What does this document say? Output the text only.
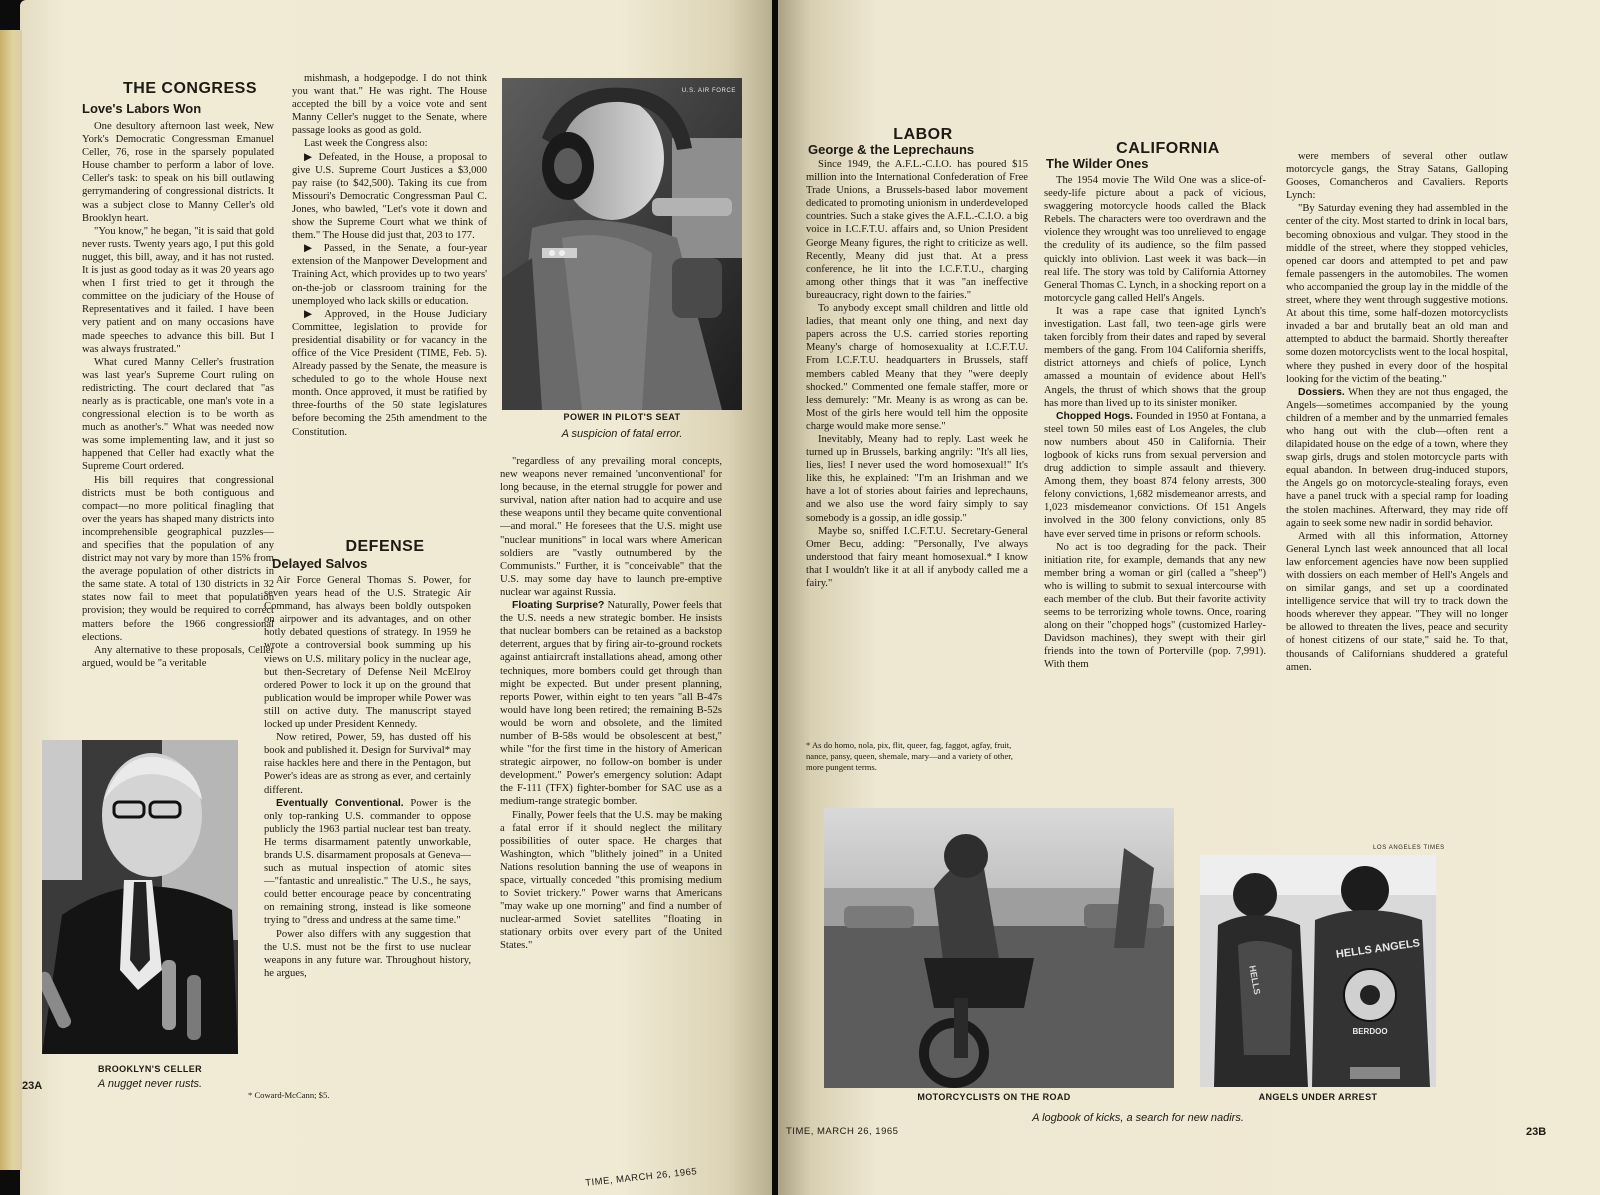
THE CONGRESS
Love's Labors Won

One desultory afternoon last week, New York's Democratic Congressman Emanuel Celler, 76, rose in the sparsely populated House chamber to perform a labor of love. Celler's task: to speak on his bill outlawing gerrymandering of congressional districts. It was a subject close to Manny Celler's old Brooklyn heart.

"You know," he began, "it is said that gold never rusts. Twenty years ago, I put this gold nugget, this bill, away, and it has not rusted. It is just as good today as it was 20 years ago when I first tried to get it through the committee on the judiciary of the House of Representatives and it failed. I have been very patient and on many occasions have made speeches to advance this bill. But I was always frustrated."

What cured Manny Celler's frustration was last year's Supreme Court ruling on redistricting. The court declared that "as nearly as is practicable, one man's vote in a congressional election is to be worth as much as another's." What was needed now was some implementing law, and it just so happened that Celler had exactly what the Supreme Court ordered.

His bill requires that congressional districts must be both contiguous and compact—no more political finagling that over the years has shaped many districts into incomprehensible geographical puzzles—and specifies that the population of any district may not vary by more than 15% from the average population of other districts in the same state. A total of 130 districts in 32 states now fail to meet that population provision; they would be required to correct matters before the 1966 congressional elections.

Any alternative to these proposals, Celler argued, would be "a veritable

mishmash, a hodgepodge. I do not think you want that." He was right. The House accepted the bill by a voice vote and sent Manny Celler's nugget to the Senate, where passage looks as good as gold.

Last week the Congress also:

▶ Defeated, in the House, a proposal to give U.S. Supreme Court Justices a $3,000 pay raise (to $42,500). Taking its cue from Missouri's Democratic Congressman Paul C. Jones, who bawled, "Let's vote it down and show the Supreme Court what we think of them." The House did just that, 203 to 177.

▶ Passed, in the Senate, a four-year extension of the Manpower Development and Training Act, which provides up to two years' on-the-job or classroom training for the unemployed who lack skills or education.

▶ Approved, in the House Judiciary Committee, legislation to provide for presidential disability or for vacancy in the office of the Vice President (TIME, Feb. 5). Already passed by the Senate, the measure is scheduled to go to the whole House next month. Once approved, it must be ratified by three-fourths of the 50 state legislatures before becoming the 25th amendment to the Constitution.

DEFENSE
Delayed Salvos

Air Force General Thomas S. Power, for seven years head of the U.S. Strategic Air Command, has always been boldly outspoken on airpower and its advantages, and on other hotly debated questions of strategy. In 1959 he wrote a controversial book summing up his views on U.S. military policy in the nuclear age, but then-Secretary of Defense Neil McElroy ordered Power to lock it up on the ground that publication would be improper while Power was still on active duty. The manuscript stayed locked up under President Kennedy.

Now retired, Power, 59, has dusted off his book and published it. Design for Survival* may raise hackles here and there in the Pentagon, but Power's ideas are as strong as ever, and certainly different.

Eventually Conventional. Power is the only top-ranking U.S. commander to oppose publicly the 1963 partial nuclear test ban treaty. He terms disarmament patently unworkable, brands U.S. disarmament proposals at Geneva—such as mutual inspection of atomic sites—"fantastic and unrealistic." The U.S., he says, could better encourage peace by concentrating on remaining strong, instead is like someone trying to "dress and undress at the same time."

Power also differs with any suggestion that the U.S. must not be the first to use nuclear weapons in any future war. Throughout history, he argues,

"regardless of any prevailing moral concepts, new weapons never remained 'unconventional' for long because, in the eternal struggle for power and survival, nation after nation had to acquire and use these weapons until they became quite conventional—and moral." He foresees that the U.S. might use "nuclear munitions" in local wars where American soldiers are "vastly outnumbered by the Communists." Further, it is "conceivable" that the U.S. may some day have to launch pre-emptive nuclear war against Russia.

Floating Surprise? Naturally, Power feels that the U.S. needs a new strategic bomber. He insists that nuclear bombers can be retained as a backstop deterrent, argues that by firing air-to-ground rockets against antiaircraft installations ahead, among other techniques, more bombers could get through than might be expected. But under present planning, reports Power, within eight to ten years "all B-47s would have long been retired; the remaining B-52s would be worn and obsolete, and the limited number of B-58s would be obsolescent at best," while "for the first time in the history of American strategic airpower, no follow-on bomber is under development." Power's emergency solution: Adapt the F-111 (TFX) fighter-bomber for SAC use as a medium-range strategic bomber.

Finally, Power feels that the U.S. may be making a fatal error if it should neglect the military possibilities of outer space. He charges that Washington, which "blithely joined" in a United Nations resolution banning the use of weapons in space, virtually conceded "this promising medium to Soviet trickery." Power warns that Americans "may wake up one morning" and find a number of nuclear-armed Soviet satellites "floating in stationary orbits over every part of the United States."

U.S. AIR FORCE
POWER IN PILOT'S SEAT
A suspicion of fatal error.
BROOKLYN'S CELLER
A nugget never rusts.
23A
* Coward-McCann; $5.
TIME, MARCH 26, 1965
LABOR
George & the Leprechauns

Since 1949, the A.F.L.-C.I.O. has poured $15 million into the International Confederation of Free Trade Unions, a Brussels-based labor movement dedicated to promoting unionism in underdeveloped countries. Such a stake gives the A.F.L.-C.I.O. a big voice in I.C.F.T.U. affairs and, so Union President George Meany figures, the right to criticize as well. Recently, Meany did just that. At a press conference, he lit into the I.C.F.T.U., charging among other things that it was "an ineffective bureaucracy, right down to the fairies."

To anybody except small children and little old ladies, that meant only one thing, and next day papers across the U.S. carried stories reporting Meany's charge of homosexuality at I.C.F.T.U. From I.C.F.T.U. headquarters in Brussels, staff members cabled Meany that they "were deeply shocked." Commented one female staffer, more or less demurely: "Mr. Meany is as wrong as can be. Most of the girls here would tell him the opposite charge would make more sense."

Inevitably, Meany had to reply. Last week he turned up in Brussels, barking angrily: "It's all lies, lies, lies! I never used the word homosexual!" It's like this, he explained: "I'm an Irishman and we have a lot of stories about fairies and leprechauns, and we also use the word fairy simply to say somebody is a gossip, an idle gossip."

Maybe so, sniffed I.C.F.T.U. Secretary-General Omer Becu, adding: "Personally, I've always understood that fairy meant homosexual.* I know that I wouldn't like it at all if anybody called me a fairy."

* As do homo, nola, pix, flit, queer, fag, faggot, agfay, fruit, nance, pansy, queen, shemale, mary—and a variety of other, more pungent terms.
CALIFORNIA
The Wilder Ones

The 1954 movie The Wild One was a slice-of-seedy-life picture about a pack of vicious, swaggering motorcycle hoods called the Black Rebels. The characters were too overdrawn and the violence they wrought was too unrelieved to engage the credulity of its audience, so the film passed quickly into oblivion. Last week it was back—in real life. The story was told by California Attorney General Thomas C. Lynch, in a shocking report on a motorcycle gang called Hell's Angels.

It was a rape case that ignited Lynch's investigation. Last fall, two teen-age girls were taken forcibly from their dates and raped by several members of the gang. From 104 California sheriffs, district attorneys and chiefs of police, Lynch amassed a mountain of evidence about Hell's Angels, the thrust of which shows that the group has more than lived up to its sinister moniker.

Chopped Hogs. Founded in 1950 at Fontana, a steel town 50 miles east of Los Angeles, the club now numbers about 450 in California. Their logbook of kicks runs from sexual perversion and drug addiction to simple assault and thievery. Among them, they boast 874 felony arrests, 300 felony convictions, 1,682 misdemeanor arrests, and 1,023 misdemeanor convictions. Of 151 Angels involved in the 300 felony convictions, only 85 have ever served time in prisons or reform schools.

No act is too degrading for the pack. Their initiation rite, for example, demands that any new member bring a woman or girl (called a "sheep") who is willing to submit to sexual intercourse with each member of the club. But their favorite activity seems to be terrorizing whole towns. Once, roaring along on their "chopped hogs" (customized Harley-Davidson machines), they swept with their girl friends into the town of Porterville (pop. 7,991). With them

were members of several other outlaw motorcycle gangs, the Stray Satans, Galloping Gooses, Comancheros and Cavaliers. Reports Lynch:

"By Saturday evening they had assembled in the center of the city. Most started to drink in local bars, becoming obnoxious and vulgar. They stood in the middle of the street, where they stopped vehicles, opened car doors and attempted to pet and paw female passengers in the automobiles. The women who accompanied the group lay in the middle of the street, where they went through suggestive motions. At about this time, some half-dozen motorcyclists invaded a bar and brutally beat an old man and attempted to abduct the barmaid. Shortly thereafter some dozen motorcyclists went to the local hospital, where they pushed in every door of the hospital looking for the victim of the beating."

Dossiers. When they are not thus engaged, the Angels—sometimes accompanied by the young children of a member and by the unmarried females who hang out with the club—often rent a dilapidated house on the edge of a town, where they swap girls, drugs and stolen motorcycle parts with equal abandon. In between drug-induced stupors, the Angels go on motorcycle-stealing forays, even have a panel truck with a special ramp for loading the stolen machines. Afterward, they may ride off again to seek some new nadir in sordid behavior.

Armed with all this information, Attorney General Lynch last week announced that all local law enforcement agencies have now been supplied with dossiers on each member of Hell's Angels and on similar gangs, and set up a coordinated intelligence service that will try to track down the hoods wherever they appear. "They will no longer be allowed to threaten the lives, peace and security of honest citizens of our state," said he. To that, thousands of Californians shuddered a grateful amen.

MOTORCYCLISTS ON THE ROAD
HELLS ANGELS
BERDOO
HELLS
LOS ANGELES TIMES
ANGELS UNDER ARREST
A logbook of kicks, a search for new nadirs.
TIME, MARCH 26, 1965	23B
